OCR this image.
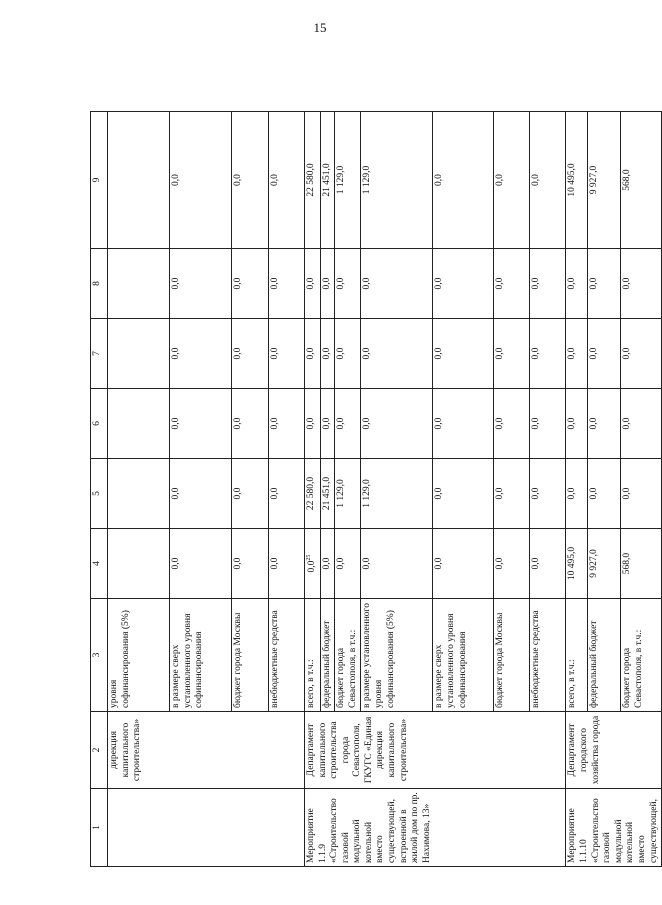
15
1	2	3	4	5	6	7	8	9
	дирекция капитального строительства»	уровня софинансирования (5%)						
		в размере сверх установленного уровня софинансирования	0,0	0,0	0,0	0,0	0,0	0,0
		бюджет города Москвы	0,0	0,0	0,0	0,0	0,0	0,0
		внебюджетные средства	0,0	0,0	0,0	0,0	0,0	0,0
Мероприятие 1.1.9 «Строительство газовой модульной котельной вместо существующей, встроенной в жилой дом по пр. Нахимова, 13»	Департамент капитального строительства города Севастополя, ГКУГС «Единая дирекция капитального строительства»	всего, в т.ч.:	$0,0^{25}$	22 580,0	0,0	0,0	0,0	22 580,0
		федеральный бюджет	0,0	21 451,0	0,0	0,0	0,0	21 451,0
		бюджет города Севастополя, в т.ч.:	0,0	1 129,0	0,0	0,0	0,0	1 129,0
		в размере установленного уровня софинансирования (5%)	0,0	1 129,0	0,0	0,0	0,0	1 129,0
		в размере сверх установленного уровня софинансирования	0,0	0,0	0,0	0,0	0,0	0,0
		бюджет города Москвы	0,0	0,0	0,0	0,0	0,0	0,0
		внебюджетные средства	0,0	0,0	0,0	0,0	0,0	0,0
Мероприятие 1.1.10 «Строительство газовой модульной котельной вместо существующей,	Департамент городского хозяйства города	всего, в т.ч.:	10 495,0	0,0	0,0	0,0	0,0	10 495,0
		федеральный бюджет	9 927,0	0,0	0,0	0,0	0,0	9 927,0
		бюджет города Севастополя, в т.ч.:	568,0	0,0	0,0	0,0	0,0	568,0
